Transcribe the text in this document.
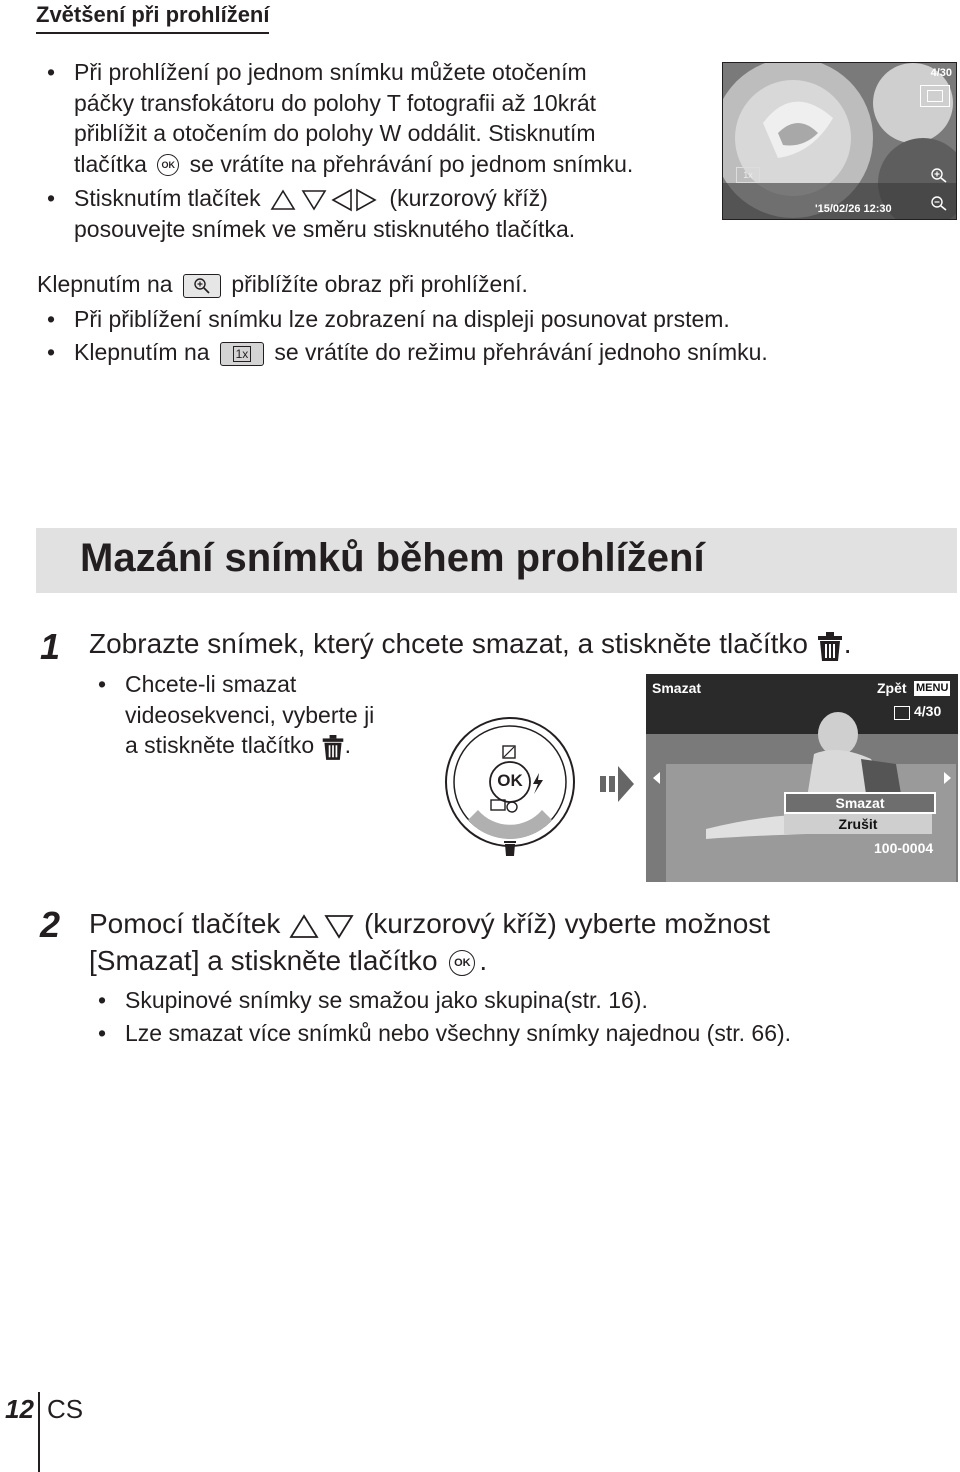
Zvětšení při prohlížení
• Při prohlížení po jednom snímku můžete otočením
páčky transfokátoru do polohy T fotografii až 10krát
přiblížit a otočením do polohy W oddálit. Stisknutím
tlačítka OK se vrátíte na přehrávání po jednom snímku.
• Stisknutím tlačítek	(kurzorový kříž)
posouvejte snímek ve směru stisknutého tlačítka.
1x
4/30
'15/02/26 12:30
Klepnutím na	přiblížíte obraz při prohlížení.
• Při přiblížení snímku lze zobrazení na displeji posunovat prstem.
• Klepnutím na 1x se vrátíte do režimu přehrávání jednoho snímku.
Mazání snímků během prohlížení
1 Zobrazte snímek, který chcete smazat, a stiskněte tlačítko .
• Chcete-li smazat
videosekvenci, vyberte ji
a stiskněte tlačítko .
OK
Smazat	Zpět MENU
4/30
Smazat
Zrušit
100-0004
2 Pomocí tlačítek	(kurzorový kříž) vyberte možnost
[Smazat] a stiskněte tlačítko OK .
• Skupinové snímky se smažou jako skupina(str. 16).
• Lze smazat více snímků nebo všechny snímky najednou (str. 66).
12 CS
